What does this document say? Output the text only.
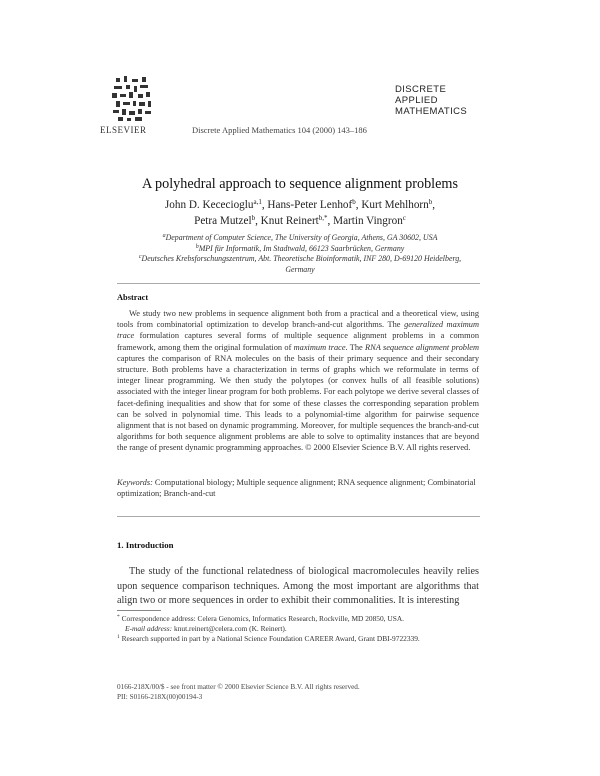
ELSEVIER	Discrete Applied Mathematics 104 (2000) 143–186
DISCRETE
APPLIED
MATHEMATICS
A polyhedral approach to sequence alignment problems
John D. Kececioglu$^{a,1}$, Hans-Peter Lenhof$^b$, Kurt Mehlhorn$^b$,
Petra Mutzel$^b$, Knut Reinert$^{b,*}$, Martin Vingron$^c$
$^a$Department of Computer Science, The University of Georgia, Athens, GA 30602, USA
$^b$MPI für Informatik, Im Stadtwald, 66123 Saarbrücken, Germany
$^c$Deutsches Krebsforschungszentrum, Abt. Theoretische Bioinformatik, INF 280, D-69120 Heidelberg,
Germany
Abstract

We study two new problems in sequence alignment both from a practical and a theoretical view, using tools from combinatorial optimization to develop branch-and-cut algorithms. The generalized maximum trace formulation captures several forms of multiple sequence alignment problems in a common framework, among them the original formulation of maximum trace. The RNA sequence alignment problem captures the comparison of RNA molecules on the basis of their primary sequence and their secondary structure. Both problems have a characterization in terms of graphs which we reformulate in terms of integer linear programming. We then study the polytopes (or convex hulls of all feasible solutions) associated with the integer linear program for both problems. For each polytope we derive several classes of facet-defining inequalities and show that for some of these classes the corresponding separation problem can be solved in polynomial time. This leads to a polynomial-time algorithm for pairwise sequence alignment that is not based on dynamic programming. Moreover, for multiple sequences the branch-and-cut algorithms for both sequence alignment problems are able to solve to optimality instances that are beyond the range of present dynamic programming approaches. © 2000 Elsevier Science B.V. All rights reserved.

Keywords: Computational biology; Multiple sequence alignment; RNA sequence alignment; Combinatorial optimization; Branch-and-cut

1. Introduction

The study of the functional relatedness of biological macromolecules heavily relies upon sequence comparison techniques. Among the most important are algorithms that align two or more sequences in order to exhibit their commonalities. It is interesting

* Correspondence address: Celera Genomics, Informatics Research, Rockville, MD 20850, USA.
E-mail address: knut.reinert@celera.com (K. Reinert).
$^1$ Research supported in part by a National Science Foundation CAREER Award, Grant DBI-9722339.
0166-218X/00/$ - see front matter © 2000 Elsevier Science B.V. All rights reserved.
PII: S0166-218X(00)00194-3
